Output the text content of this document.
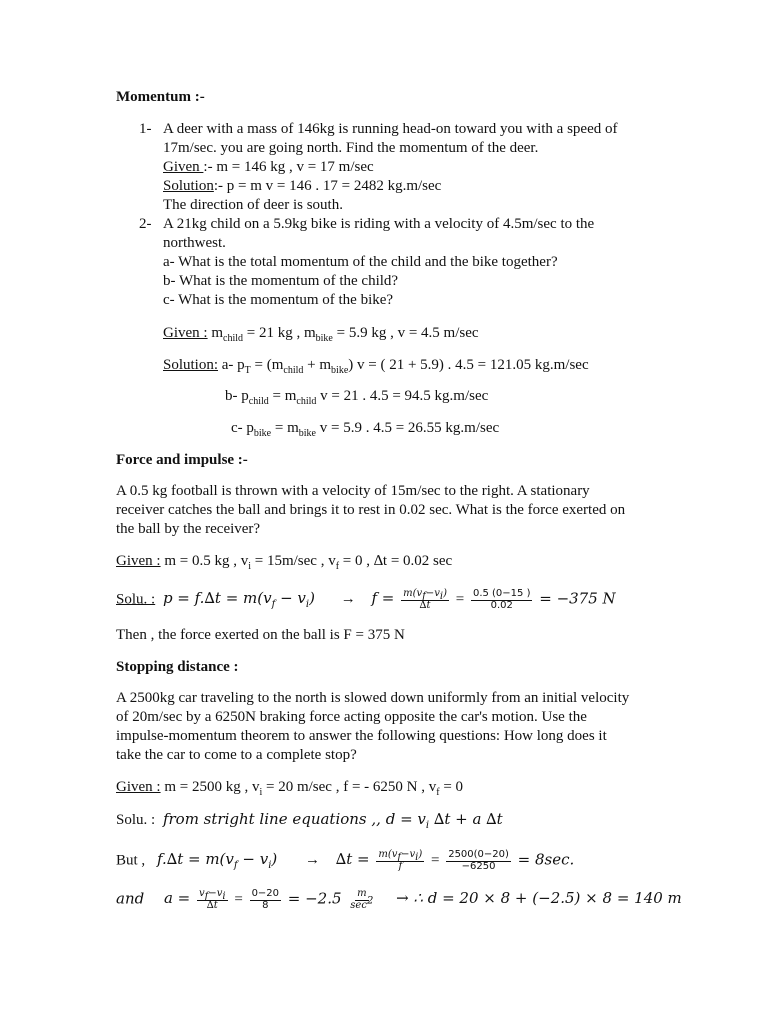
Momentum :-
1- A deer with a mass of 146kg is running head-on toward you with a speed of
17m/sec. you are going north. Find the momentum of the deer.
Given :- m = 146 kg , v = 17 m/sec
Solution:- p = m v = 146 . 17 = 2482 kg.m/sec
The direction of deer is south.
2- A 21kg child on a 5.9kg bike is riding with a velocity of 4.5m/sec to the
northwest.
a- What is the total momentum of the child and the bike together?
b- What is the momentum of the child?
c- What is the momentum of the bike?
Given : $m_{child} = 21$ kg , $m_{bike} = 5.9$ kg , v = 4.5 m/sec
Solution: a- $p_T = (m_{child} + m_{bike}) v$ = ( 21 + 5.9) . 4.5 = 121.05 kg.m/sec
b- $p_{child} = m_{child}$ v = 21 . 4.5 = 94.5 kg.m/sec
c- $p_{bike} = m_{bike}$ v = 5.9 . 4.5 = 26.55 kg.m/sec
Force and impulse :-
A 0.5 kg football is thrown with a velocity of 15m/sec to the right. A stationary
receiver catches the ball and brings it to rest in 0.02 sec. What is the force exerted on
the ball by the receiver?
Given : m = 0.5 kg , $v_i = 15m/\sec$ , $v_f = 0$ , ∆t = 0.02 sec
Solu. : $p = f.\Delta t = m(v_f - v_i) \to f = \frac{m(v_f-v_i)}{\Delta t} = \frac{0.5 (0-15 )}{0.02} = -375$ N
Then , the force exerted on the ball is F = 375 N
Stopping distance :
A 2500kg car traveling to the north is slowed down uniformly from an initial velocity
of 20m/sec by a 6250N braking force acting opposite the car's motion. Use the
impulse-momentum theorem to answer the following questions: How long does it
take the car to come to a complete stop?
Given : m = 2500 kg , $v_i = 20$ m/sec , f = - 6250 N , $v_f = 0$
Solu. : from stright line equations ,, $d = v_i$ ∆t + a ∆t
But , $f.\Delta t = m(v_f - v_i) \to \Delta t = \frac{m(v_f-v_i)}{f} = \frac{2500(0-20)}{-6250} = 8\sec$.
and $a = \frac{v_f-v_i}{\Delta t} = \frac{0-20}{8} = -2.5 \frac{m}{\sec^2}$ → ∴ d = 20 × 8 + (−2.5) × 8 = 140 m
